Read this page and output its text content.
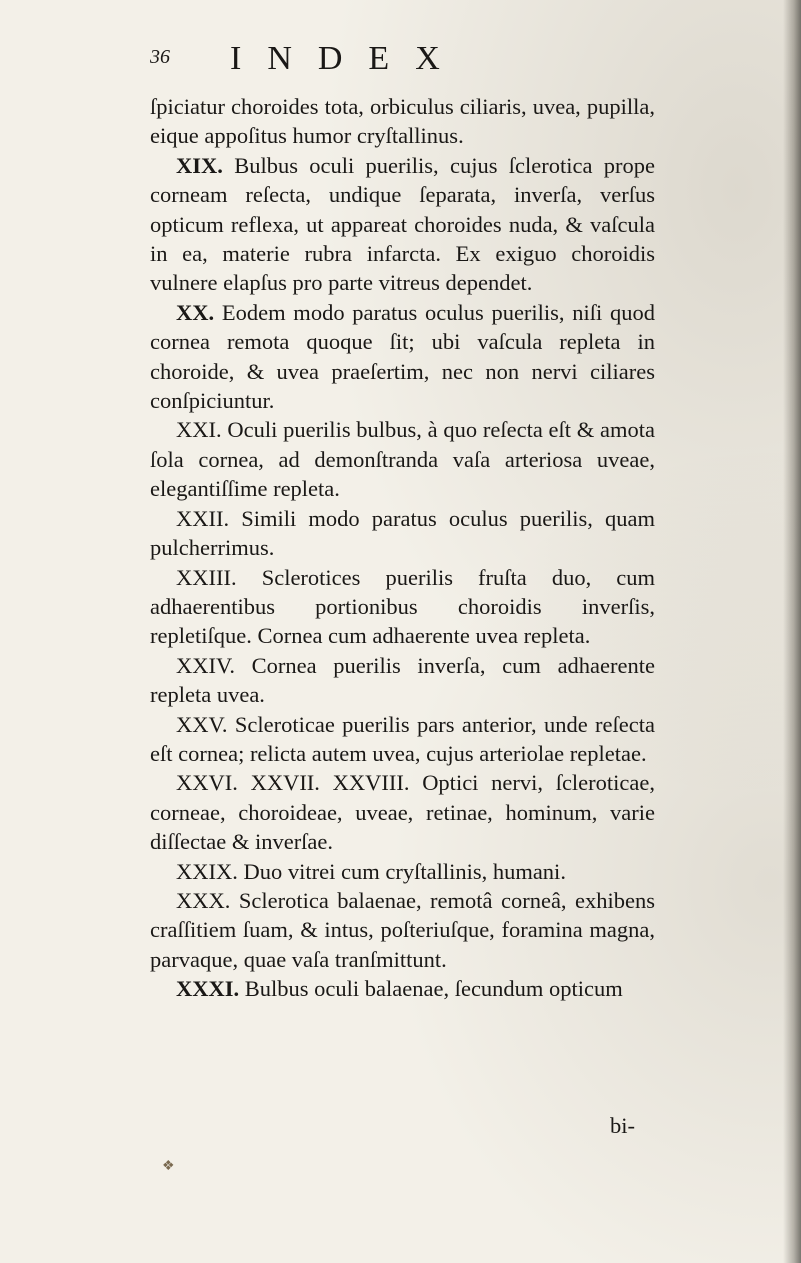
36 INDEX

ſpiciatur choroides tota, orbiculus ciliaris, uvea, pupilla, eique appoſitus humor cryſtallinus.

XIX. Bulbus oculi puerilis, cujus ſclerotica prope corneam reſecta, undique ſeparata, inverſa, verſus opticum reflexa, ut appareat choroides nuda, & vaſcula in ea, materie rubra infarcta. Ex exiguo choroidis vulnere elapſus pro parte vitreus dependet.

XX. Eodem modo paratus oculus puerilis, niſi quod cornea remota quoque ſit; ubi vaſcula repleta in choroide, & uvea praeſertim, nec non nervi ciliares conſpiciuntur.

XXI. Oculi puerilis bulbus, à quo reſecta eſt & amota ſola cornea, ad demonſtranda vaſa arteriosa uveae, elegantiſſime repleta.

XXII. Simili modo paratus oculus puerilis, quam pulcherrimus.

XXIII. Sclerotices puerilis fruſta duo, cum adhaerentibus portionibus choroidis inverſis, repletiſque. Cornea cum adhaerente uvea repleta.

XXIV. Cornea puerilis inverſa, cum adhaerente repleta uvea.

XXV. Scleroticae puerilis pars anterior, unde reſecta eſt cornea; relicta autem uvea, cujus arteriolae repletae.

XXVI. XXVII. XXVIII. Optici nervi, ſcleroticae, corneae, choroideae, uveae, retinae, hominum, varie diſſectae & inverſae.

XXIX. Duo vitrei cum cryſtallinis, humani.

XXX. Sclerotica balaenae, remotâ corneâ, exhibens craſſitiem ſuam, & intus, poſteriuſque, foramina magna, parvaque, quae vaſa tranſmittunt.

XXXI. Bulbus oculi balaenae, ſecundum opticum

bi-
❖
